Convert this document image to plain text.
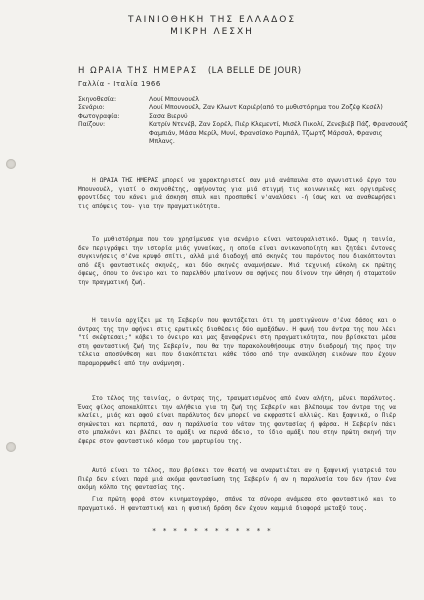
ΤΑΙΝΙΟΘΗΚΗ ΤΗΣ ΕΛΛΑΔΟΣ
ΜΙΚΡΗ ΛΕΣΧΗ
Η ΩΡΑΙΑ ΤΗΣ ΗΜΕΡΑΣ (LA BELLE DE JOUR)
Γαλλία - Ιταλία 1966
Σκηνοθεσία:	Λουί Μπουνουέλ
Σενάριο:	Λουί Μπουνουέλ, Ζαν Κλωντ Καριέρ(από το μυθιστόρημα του Ζοζέφ Κεσέλ)
Φωτογραφία:	Σασα Βιερνύ
Παίζουν:	Κατρίν Ντενέβ, Ζαν Σορέλ, Πιέρ Κλεμεντί, Μισέλ Πικολί, Ζενεβιέβ Πάζ, Φρανσουάζ Φαμπιάν, Μάσα Μερίλ, Μυνί, Φρανσίσκο Ραμπάλ, Τζωρτζ Μάρσαλ, Φρανσις Μπλανς.

Η ΩΡΑΙΑ ΤΗΣ ΗΜΕΡΑΣ μπορεί να χαρακτηριστεί σαν μιά ανάπαυλα στο αγωνιστικό έργο του Μπουνουέλ, γιατί ο σκηνοθέτης, αφήνοντας για μιά στιγμή τις κοινωνικές και οργισμένες φροντίδες του κάνει μιά άσκηση σπυλ και προσπαθεί ν'αναλύσει -ή ίσως και να αναθεωρήσει τις απόψεις του- για την πραγματικότητα.

Το μυθιστόρημα που του χρησίμευσε για σενάριο είναι νατουραλιστικό. Όμως η ταινία, δεν περιγράφει την ιστορία μιάς γυναίκας, η οποία είναι ανικανοποίητη και ζητάει έντονες συγκινήσεις σ'ένα κρυφό σπίτι, αλλά μιά διαδοχή από σκηνές του παρόντος που διακόπτονται από έξι φανταστικές σκηνές, και δύο σκηνές αναμνήσεων. Μιά τεχνική εύκολη εκ πρώτης όψεως, όπου το όνειρο και το παρελθόν μπαίνουν σα σφήνες που δίνουν την ώθηση ή σταματούν την πραγματική ζωή.

Η ταινία αρχίζει με τη Σεβερίν που φαντάζεται ότι τη μαστιγώνουν σ'ένα δάσος και ο άντρας της την αφήνει στις ερωτικές διαθέσεις δύο αμαξάδων. Η φωνή του άντρα της που λέει "τί σκέφτεσαι;" κόβει το όνειρο και μας ξαναφέρνει στη πραγματικότητα, που βρίσκεται μέσα στη φανταστική ζωή της Σεβερίν, που θα την παρακολουθήσουμε στην διαδρομή της προς την τέλεια αποσύνθεση και που διακόπτεται κάθε τόσο από την ανακύληση εικόνων που έχουν παραμορφωθεί από την ανάμνηση.

Στο τέλος της ταινίας, ο άντρας της, τραυματισμένος από έναν αλήτη, μένει παράλυτος. Ένας φίλος αποκαλύπτει την αλήθεια για τη ζωή της Σεβερίν και βλέπουμε τον άντρα της να κλαίει, μιάς και αφού είναι παράλυτος δεν μπορεί να εκφραστεί αλλιώς. Και ξαφνικά, ο Πιέρ σηκώνεται και περπατά, σαν η παράλυσία του νάταν της φαντασίας ή φάρσα. Η Σεβερίν πάει στο μπαλκόνι και βλέπει το αμάξι να περνά άδειο, το ίδιο αμάξι που στην πρώτη σκηνή την έφερε στον φανταστικό κόσμο του μαρτυρίου της.

Αυτό είναι το τέλος, που βρίσκει τον θεατή να αναρωτιέται αν η ξαφνική γιατρειά του Πιέρ δεν είναι παρά μιά ακόμα φαντασίωση της Σεβερίν ή αν η παραλυσία του δεν ήταν ένα ακόμη κόλπο της φαντασίας της.

Για πρώτη φορά στον κινηματογράφο, σπάνε τα σύνορα ανάμεσα στο φανταστικό και το πραγματικό. Η φανταστική και η φυσική δράση δεν έχουν καμμιά διαφορά μεταξύ τους.

* * * * * * * * * * * *
